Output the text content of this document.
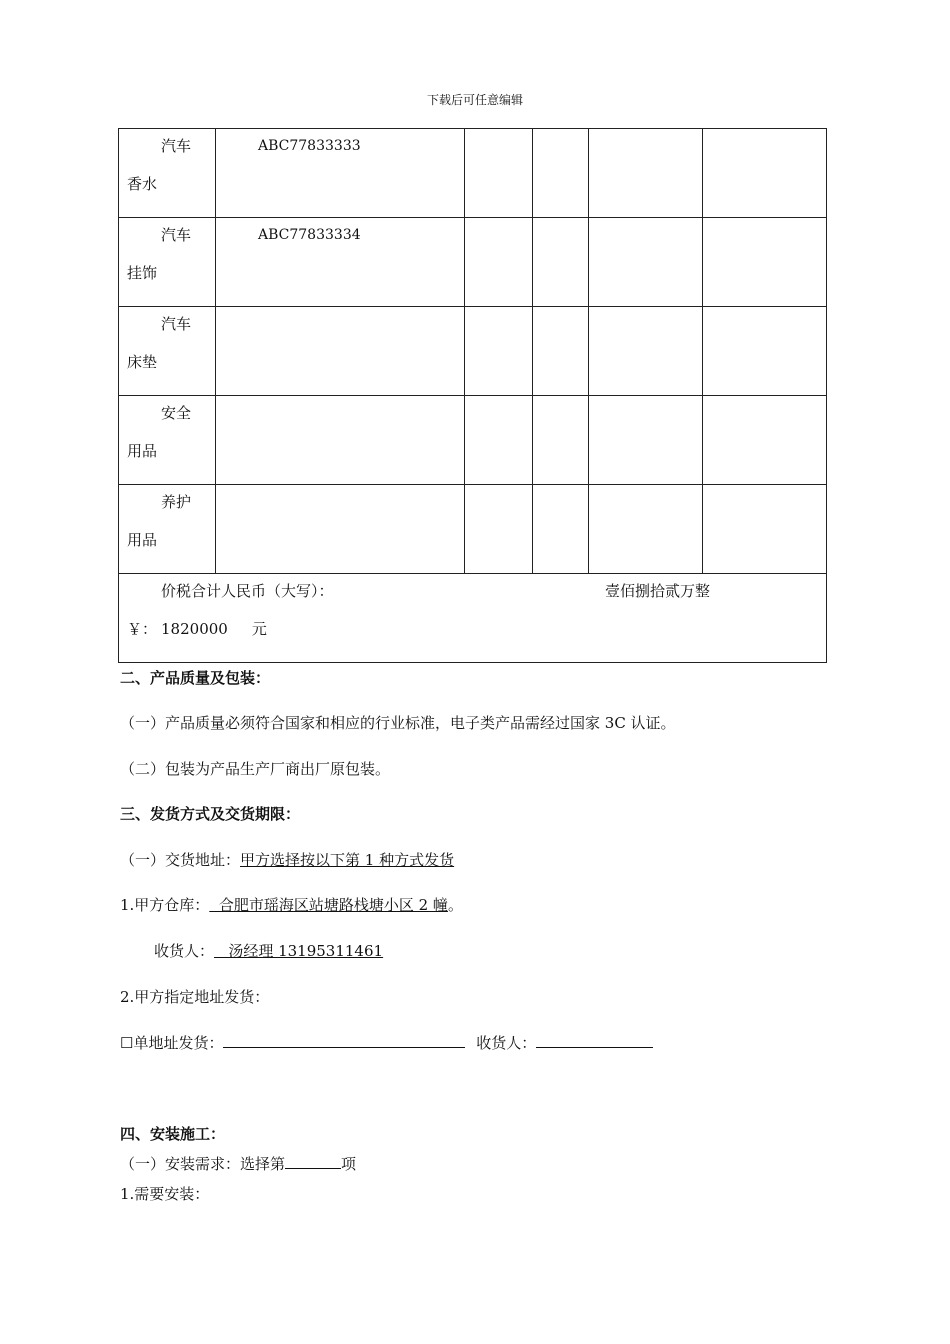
下载后可任意编辑
汽车
香水	ABC77833333				

汽车
挂饰	ABC77833334				

汽车
床垫					

安全
用品					

养护
用品					

价税合计人民币（大写）： 壹佰捌拾贰万整
￥： 1820000 元					
二、产品质量及包装：
（一）产品质量必须符合国家和相应的行业标准，电子类产品需经过国家 3C 认证。
（二）包装为产品生产厂商出厂原包装。
三、发货方式及交货期限：
（一）交货地址：甲方选择按以下第 1 种方式发货
1.甲方仓库：  合肥市瑶海区站塘路栈塘小区 2 幢。
收货人：   汤经理 13195311461
2.甲方指定地址发货：
☐单地址发货：	收货人：
四、安装施工：
（一）安装需求：选择第	项
1.需要安装：
